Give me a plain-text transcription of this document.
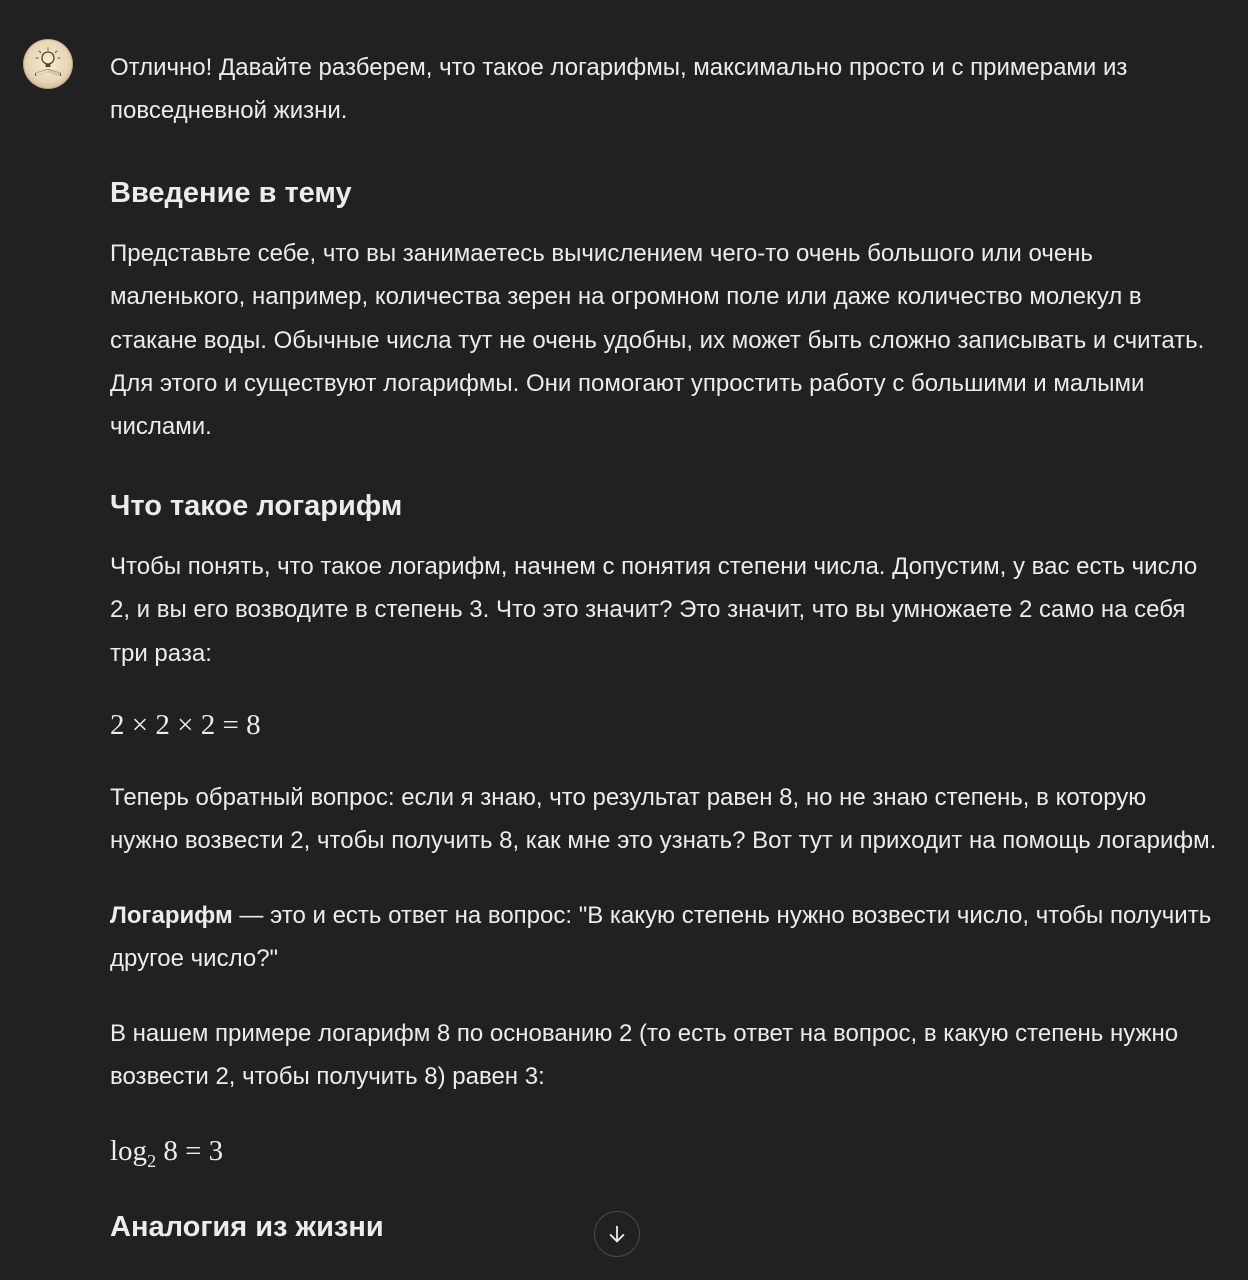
Отлично! Давайте разберем, что такое логарифмы, максимально просто и с примерами из повседневной жизни.

Введение в тему

Представьте себе, что вы занимаетесь вычислением чего-то очень большого или очень маленького, например, количества зерен на огромном поле или даже количество молекул в стакане воды. Обычные числа тут не очень удобны, их может быть сложно записывать и считать. Для этого и существуют логарифмы. Они помогают упростить работу с большими и малыми числами.

Что такое логарифм

Чтобы понять, что такое логарифм, начнем с понятия степени числа. Допустим, у вас есть число 2, и вы его возводите в степень 3. Что это значит? Это значит, что вы умножаете 2 само на себя три раза:

2 × 2 × 2 = 8

Теперь обратный вопрос: если я знаю, что результат равен 8, но не знаю степень, в которую нужно возвести 2, чтобы получить 8, как мне это узнать? Вот тут и приходит на помощь логарифм.

Логарифм — это и есть ответ на вопрос: "В какую степень нужно возвести число, чтобы получить другое число?"

В нашем примере логарифм 8 по основанию 2 (то есть ответ на вопрос, в какую степень нужно возвести 2, чтобы получить 8) равен 3:

$\log_2 8 = 3$
Аналогия из жизни
